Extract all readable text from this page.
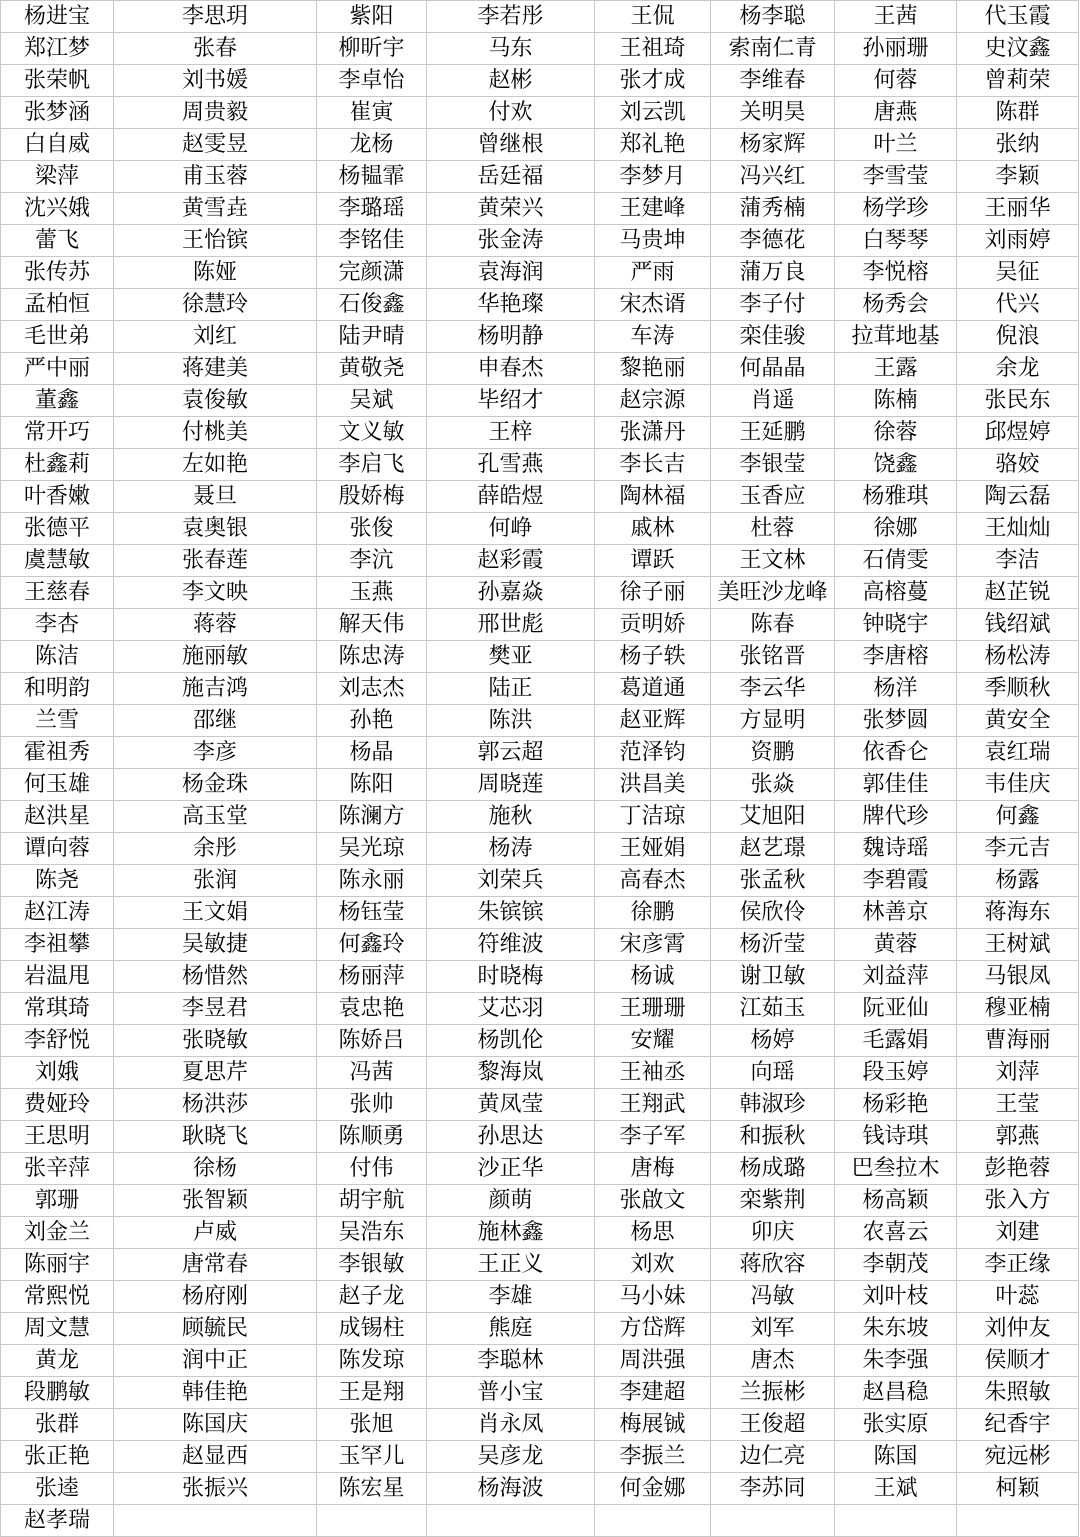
杨进宝	李思玥	紫阳	李若彤	王侃	杨李聪	王茜	代玉霞
郑江梦	张春	柳昕宇	马东	王祖琦	索南仁青	孙丽珊	史汶鑫
张荣帆	刘书媛	李卓怡	赵彬	张才成	李维春	何蓉	曾莉荣
张梦涵	周贵毅	崔寅	付欢	刘云凯	关明昊	唐燕	陈群
白自威	赵雯昱	龙杨	曾继根	郑礼艳	杨家辉	叶兰	张纳
梁萍	甫玉蓉	杨韫霏	岳廷福	李梦月	冯兴红	李雪莹	李颖
沈兴娥	黄雪垚	李璐瑶	黄荣兴	王建峰	蒲秀楠	杨学珍	王丽华
蕾飞	王怡镔	李铭佳	张金涛	马贵坤	李德花	白琴琴	刘雨婷
张传苏	陈娅	完颜潇	袁海润	严雨	蒲万良	李悦榕	吴征
孟柏恒	徐慧玲	石俊鑫	华艳璨	宋杰谞	李子付	杨秀会	代兴
毛世弟	刘红	陆尹晴	杨明静	车涛	栾佳骏	拉茸地基	倪浪
严中丽	蒋建美	黄敬尧	申春杰	黎艳丽	何晶晶	王露	余龙
董鑫	袁俊敏	吴斌	毕绍才	赵宗源	肖遥	陈楠	张民东
常开巧	付桃美	文义敏	王梓	张潇丹	王延鹏	徐蓉	邱煜婷
杜鑫莉	左如艳	李启飞	孔雪燕	李长吉	李银莹	饶鑫	骆姣
叶香嫩	聂旦	殷娇梅	薛皓煜	陶林福	玉香应	杨雅琪	陶云磊
张德平	袁奥银	张俊	何峥	戚林	杜蓉	徐娜	王灿灿
虞慧敏	张春莲	李沆	赵彩霞	谭跃	王文林	石倩雯	李洁
王慈春	李文映	玉燕	孙嘉焱	徐子丽	美旺沙龙峰	高榕蔓	赵芷锐
李杏	蒋蓉	解天伟	邢世彪	贡明娇	陈春	钟晓宇	钱绍斌
陈洁	施丽敏	陈忠涛	樊亚	杨子轶	张铭晋	李唐榕	杨松涛
和明韵	施吉鸿	刘志杰	陆正	葛道通	李云华	杨洋	季顺秋
兰雪	邵继	孙艳	陈洪	赵亚辉	方显明	张梦圆	黄安全
霍祖秀	李彦	杨晶	郭云超	范泽钧	资鹏	依香仑	袁红瑞
何玉雄	杨金珠	陈阳	周晓莲	洪昌美	张焱	郭佳佳	韦佳庆
赵洪星	高玉堂	陈澜方	施秋	丁洁琼	艾旭阳	牌代珍	何鑫
谭向蓉	余彤	吴光琼	杨涛	王娅娟	赵艺璟	魏诗瑶	李元吉
陈尧	张润	陈永丽	刘荣兵	高春杰	张孟秋	李碧霞	杨露
赵江涛	王文娟	杨钰莹	朱镔镔	徐鹏	侯欣伶	林善京	蒋海东
李祖攀	吴敏捷	何鑫玲	符维波	宋彦霄	杨沂莹	黄蓉	王树斌
岩温甩	杨惜然	杨丽萍	时晓梅	杨诚	谢卫敏	刘益萍	马银凤
常琪琦	李昱君	袁忠艳	艾芯羽	王珊珊	江茹玉	阮亚仙	穆亚楠
李舒悦	张晓敏	陈娇吕	杨凯伦	安耀	杨婷	毛露娟	曹海丽
刘娥	夏思芹	冯茜	黎海岚	王袖丞	向瑶	段玉婷	刘萍
费娅玲	杨洪莎	张帅	黄凤莹	王翔武	韩淑珍	杨彩艳	王莹
王思明	耿晓飞	陈顺勇	孙思达	李子军	和振秋	钱诗琪	郭燕
张辛萍	徐杨	付伟	沙正华	唐梅	杨成璐	巴叁拉木	彭艳蓉
郭珊	张智颖	胡宇航	颜萌	张啟文	栾紫荆	杨高颖	张入方
刘金兰	卢威	吴浩东	施林鑫	杨思	卯庆	农喜云	刘建
陈丽宇	唐常春	李银敏	王正义	刘欢	蒋欣容	李朝茂	李正缘
常熙悦	杨府刚	赵子龙	李雄	马小妹	冯敏	刘叶枝	叶蕊
周文慧	顾毓民	成锡柱	熊庭	方岱辉	刘军	朱东坡	刘仲友
黄龙	润中正	陈发琼	李聪林	周洪强	唐杰	朱李强	侯顺才
段鹏敏	韩佳艳	王是翔	普小宝	李建超	兰振彬	赵昌稳	朱照敏
张群	陈国庆	张旭	肖永凤	梅展铖	王俊超	张实原	纪香宇
张正艳	赵显西	玉罕儿	吴彦龙	李振兰	边仁亮	陈国	宛远彬
张逵	张振兴	陈宏星	杨海波	何金娜	李苏同	王斌	柯颖
赵孝瑞							
